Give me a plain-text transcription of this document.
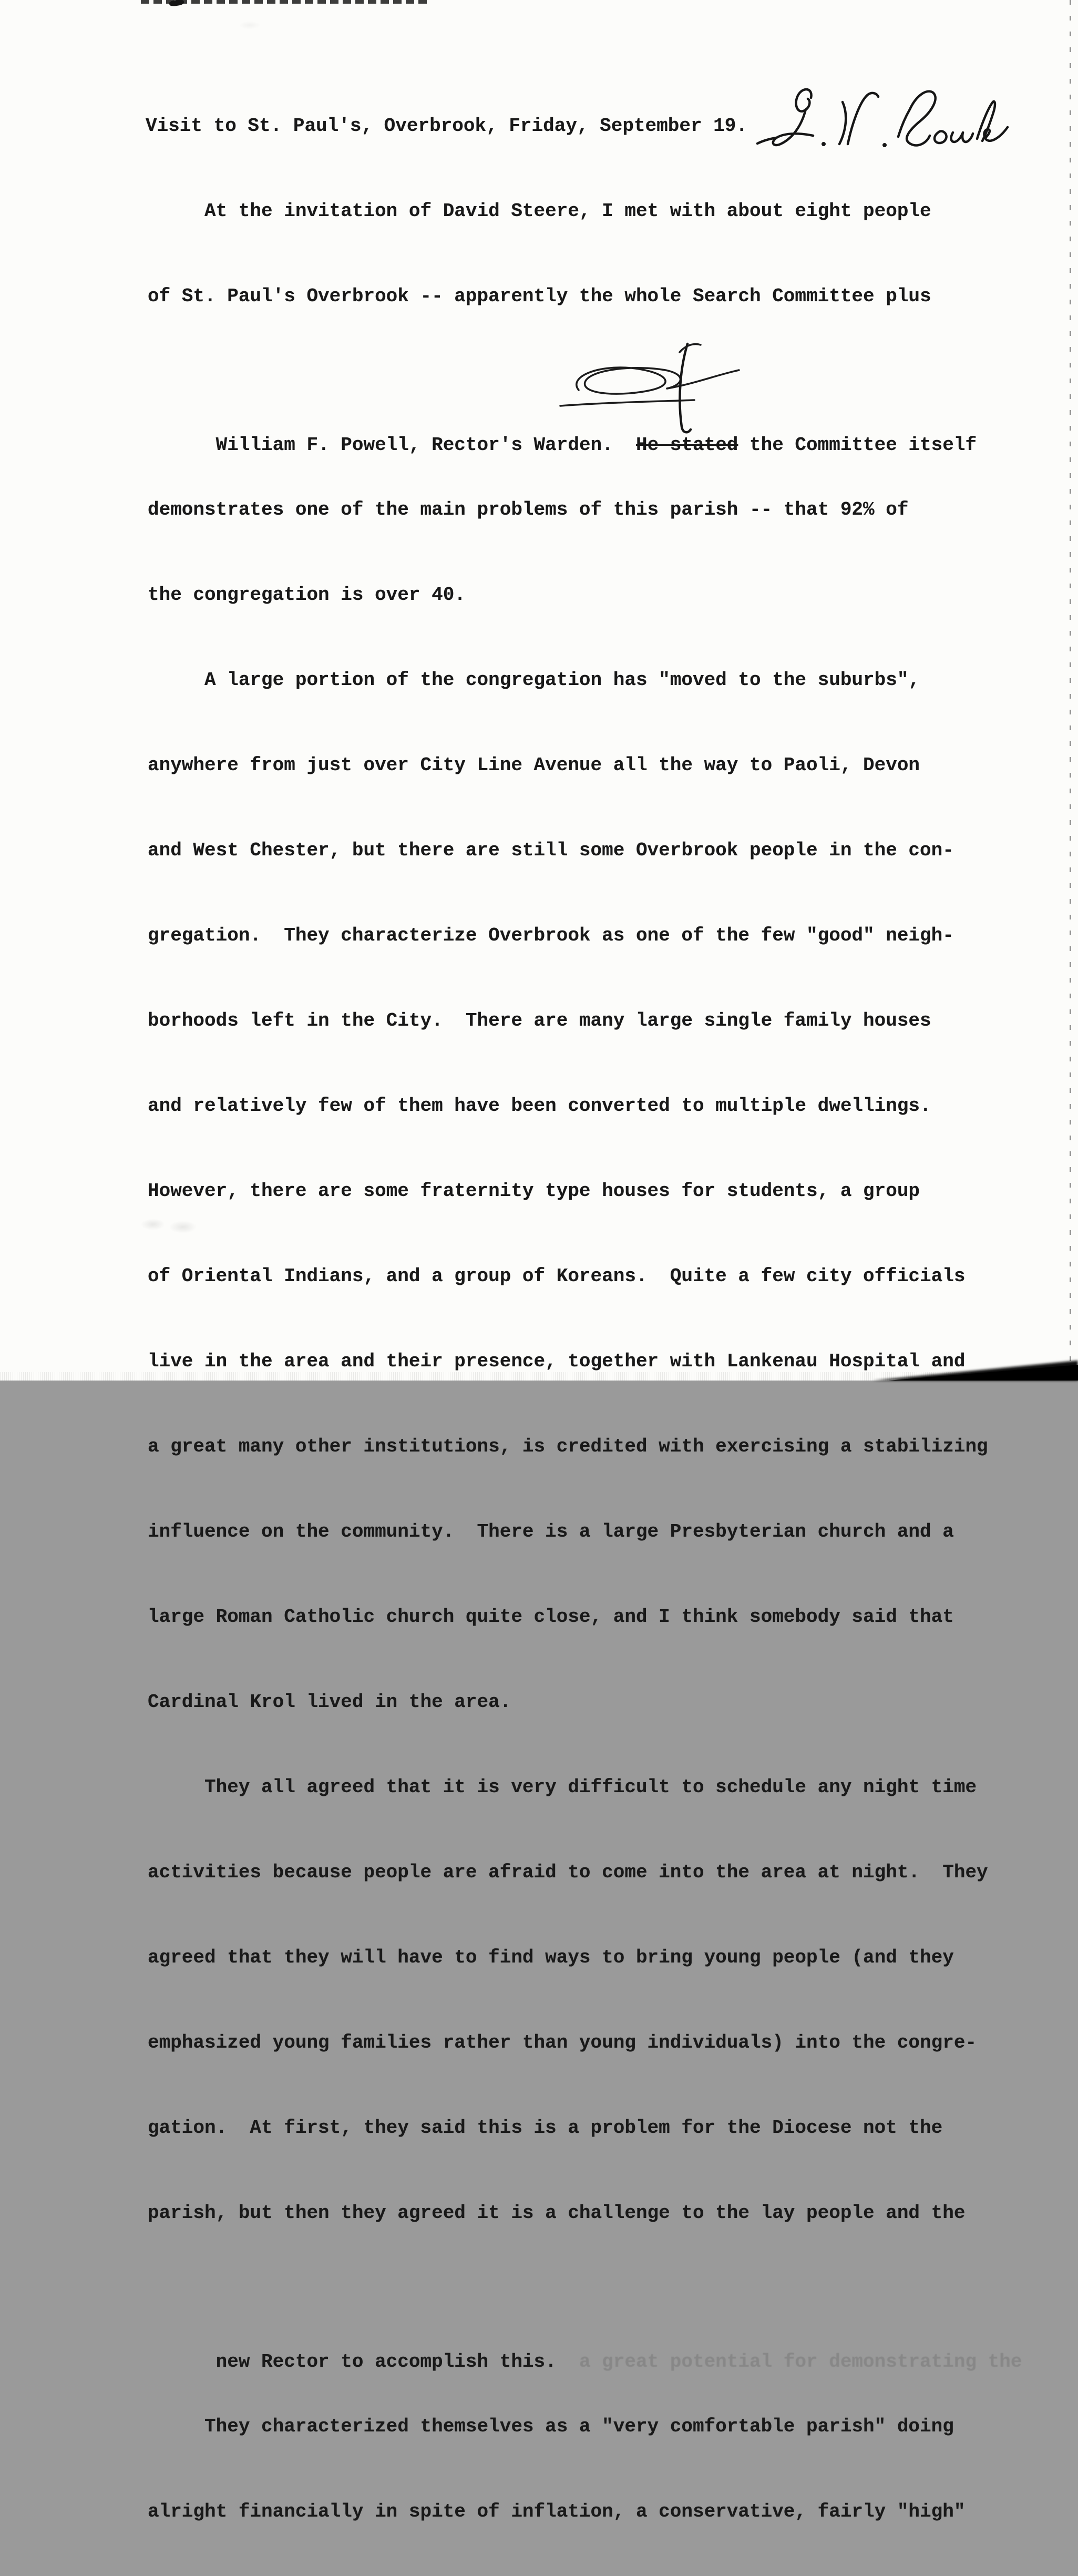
Visit to St. Paul's, Overbrook, Friday, September 19.

At the invitation of David Steere, I met with about eight people

of St. Paul's Overbrook -- apparently the whole Search Committee plus

William F. Powell, Rector's Warden.  He stated the Committee itself

demonstrates one of the main problems of this parish -- that 92% of

the congregation is over 40.

A large portion of the congregation has "moved to the suburbs",

anywhere from just over City Line Avenue all the way to Paoli, Devon

and West Chester, but there are still some Overbrook people in the con-

gregation.  They characterize Overbrook as one of the few "good" neigh-

borhoods left in the City.  There are many large single family houses

and relatively few of them have been converted to multiple dwellings.

However, there are some fraternity type houses for students, a group

of Oriental Indians, and a group of Koreans.  Quite a few city officials

live in the area and their presence, together with Lankenau Hospital and

a great many other institutions, is credited with exercising a stabilizing

influence on the community.  There is a large Presbyterian church and a

large Roman Catholic church quite close, and I think somebody said that

Cardinal Krol lived in the area.

They all agreed that it is very difficult to schedule any night time

activities because people are afraid to come into the area at night.  They

agreed that they will have to find ways to bring young people (and they

emphasized young families rather than young individuals) into the congre-

gation.  At first, they said this is a problem for the Diocese not the

parish, but then they agreed it is a challenge to the lay people and the

new Rector to accomplish this.  a great potential for demonstrating the

They characterized themselves as a "very comfortable parish" doing

alright financially in spite of inflation, a conservative, fairly "high"
